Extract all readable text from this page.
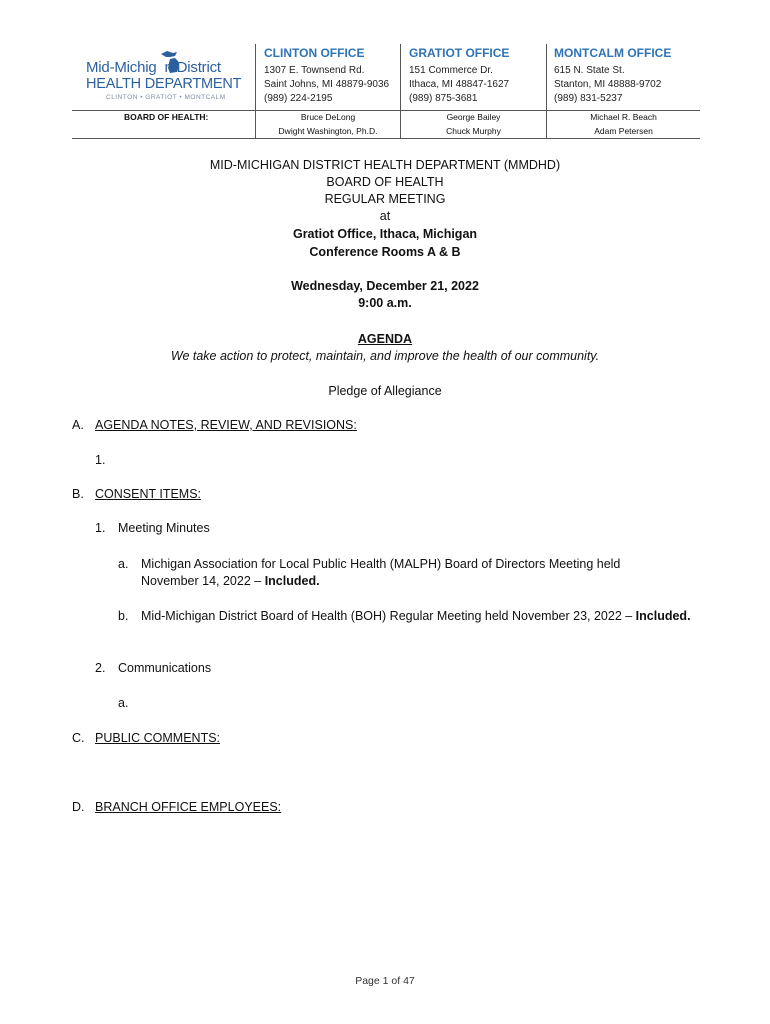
Mid-Michig n District
HEALTH DEPARTMENT
CLINTON • GRATIOT • MONTCALM
CLINTON OFFICE
1307 E. Townsend Rd.
Saint Johns, MI 48879-9036
(989) 224-2195
GRATIOT OFFICE
151 Commerce Dr.
Ithaca, MI 48847-1627
(989) 875-3681
MONTCALM OFFICE
615 N. State St.
Stanton, MI 48888-9702
(989) 831-5237
BOARD OF HEALTH:	Bruce DeLong
Dwight Washington, Ph.D.
George Bailey
Chuck Murphy
Michael R. Beach
Adam Petersen
MID-MICHIGAN DISTRICT HEALTH DEPARTMENT (MMDHD)
BOARD OF HEALTH
REGULAR MEETING
at
Gratiot Office, Ithaca, Michigan
Conference Rooms A & B
Wednesday, December 21, 2022
9:00 a.m.
AGENDA
We take action to protect, maintain, and improve the health of our community.
Pledge of Allegiance
A. AGENDA NOTES, REVIEW, AND REVISIONS:
1.
B. CONSENT ITEMS:
1. Meeting Minutes
a. Michigan Association for Local Public Health (MALPH) Board of Directors Meeting held
November 14, 2022 – Included.
b. Mid-Michigan District Board of Health (BOH) Regular Meeting held November 23, 2022 – Included.
2. Communications
a.
C. PUBLIC COMMENTS:
D. BRANCH OFFICE EMPLOYEES:
Page 1 of 47
